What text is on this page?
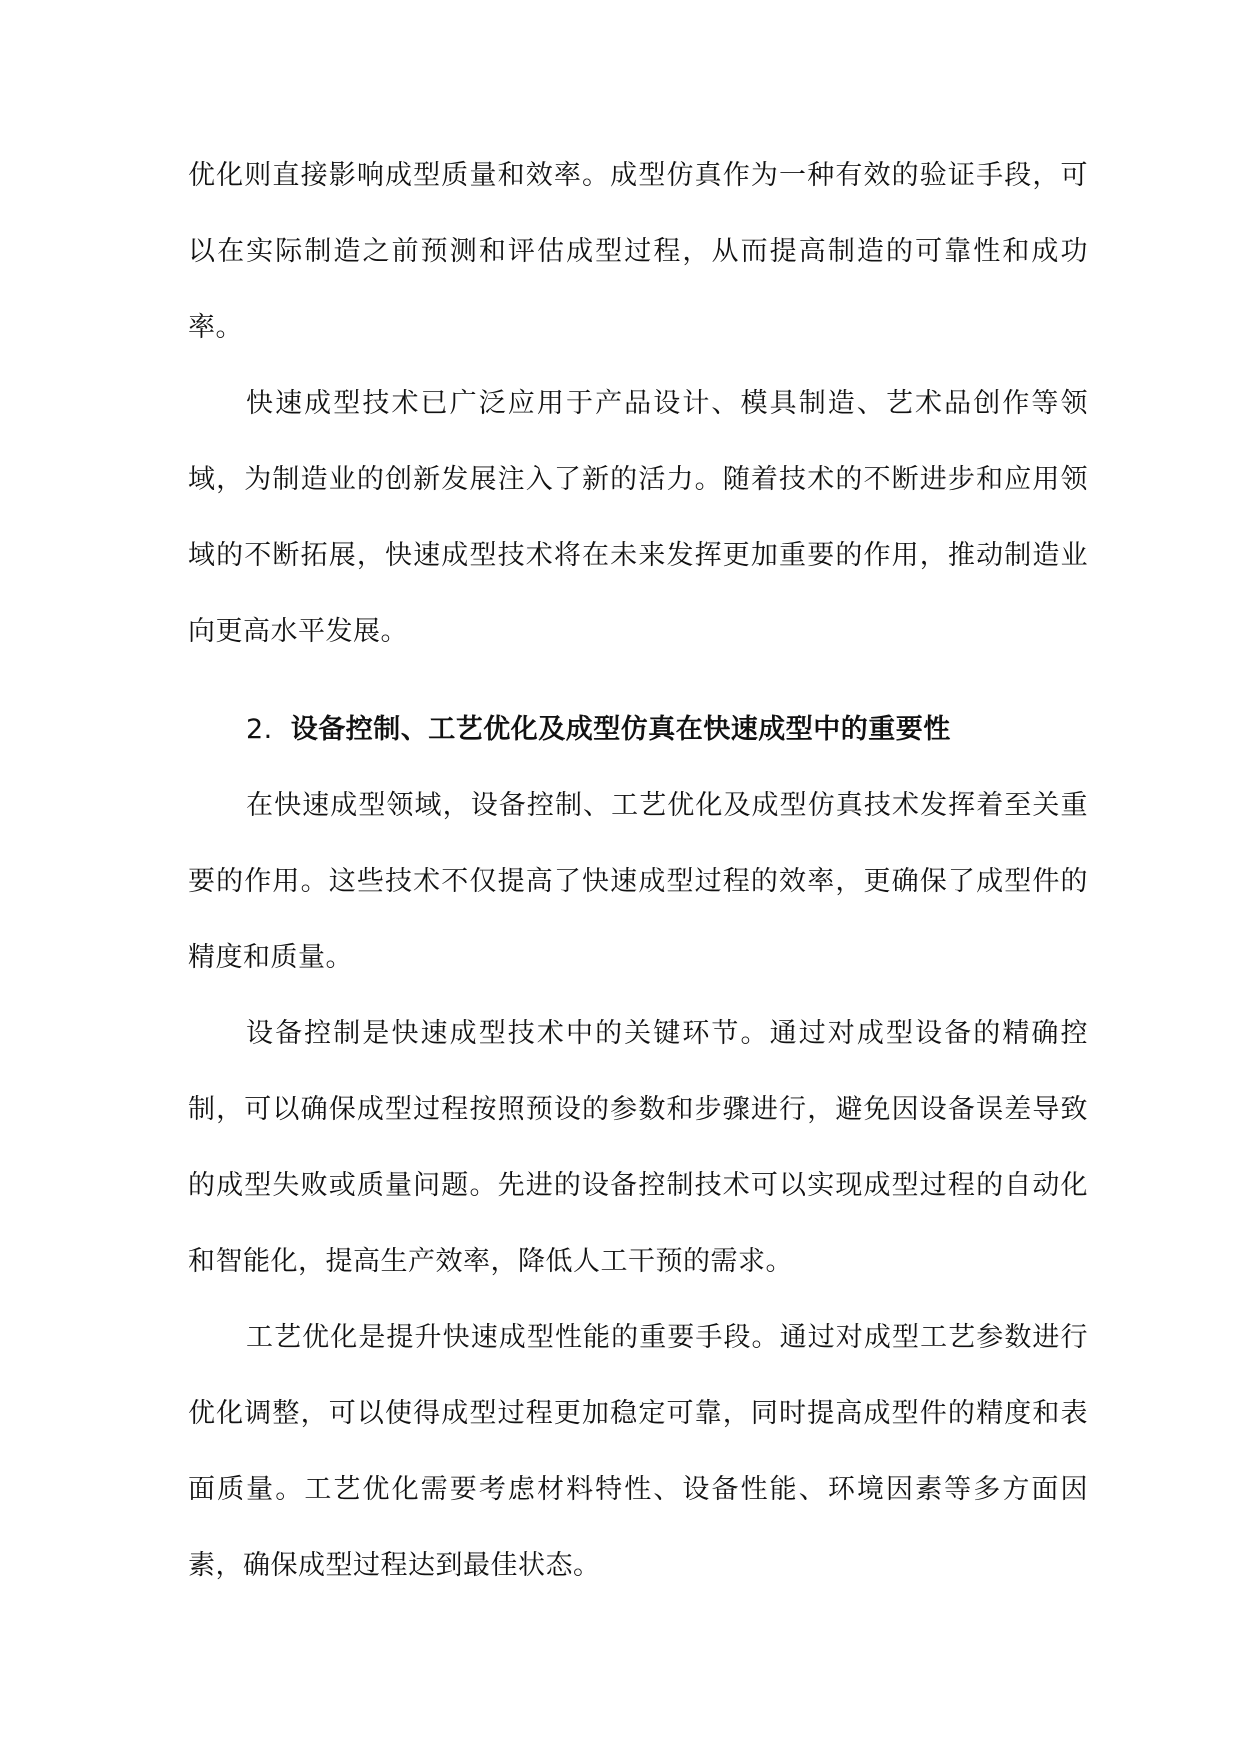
优化则直接影响成型质量和效率。成型仿真作为一种有效的验证手段，可以在实际制造之前预测和评估成型过程，从而提高制造的可靠性和成功率。

快速成型技术已广泛应用于产品设计、模具制造、艺术品创作等领域，为制造业的创新发展注入了新的活力。随着技术的不断进步和应用领域的不断拓展，快速成型技术将在未来发挥更加重要的作用，推动制造业向更高水平发展。

2. 设备控制、工艺优化及成型仿真在快速成型中的重要性

在快速成型领域，设备控制、工艺优化及成型仿真技术发挥着至关重要的作用。这些技术不仅提高了快速成型过程的效率，更确保了成型件的精度和质量。

设备控制是快速成型技术中的关键环节。通过对成型设备的精确控制，可以确保成型过程按照预设的参数和步骤进行，避免因设备误差导致的成型失败或质量问题。先进的设备控制技术可以实现成型过程的自动化和智能化，提高生产效率，降低人工干预的需求。

工艺优化是提升快速成型性能的重要手段。通过对成型工艺参数进行优化调整，可以使得成型过程更加稳定可靠，同时提高成型件的精度和表面质量。工艺优化需要考虑材料特性、设备性能、环境因素等多方面因素，确保成型过程达到最佳状态。
